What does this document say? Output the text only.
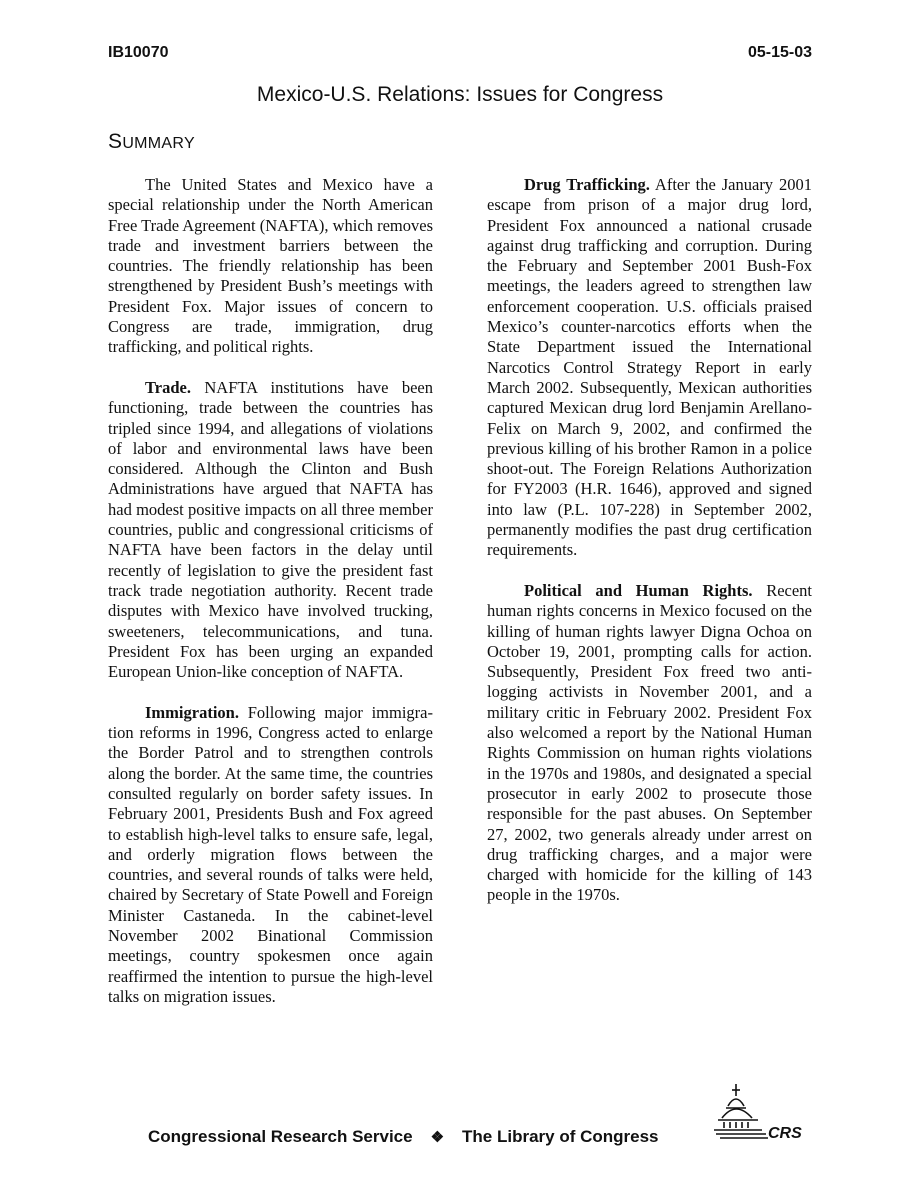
IB10070	05-15-03
Mexico-U.S. Relations: Issues for Congress
SUMMARY

The United States and Mexico have a special relationship under the North American Free Trade Agreement (NAFTA), which removes trade and investment barriers between the countries. The friendly relationship has been strengthened by President Bush’s meetings with President Fox. Major issues of concern to Congress are trade, immigration, drug trafficking, and political rights.

Trade. NAFTA institutions have been functioning, trade between the countries has tripled since 1994, and allegations of violations of labor and environmental laws have been considered. Although the Clinton and Bush Administrations have argued that NAFTA has had modest positive impacts on all three member countries, public and congressional criticisms of NAFTA have been factors in the delay until recently of legislation to give the president fast track trade negotiation authority. Recent trade disputes with Mexico have involved trucking, sweeteners, telecommunications, and tuna. President Fox has been urging an expanded European Union-like conception of NAFTA.

Immigration. Following major immigration reforms in 1996, Congress acted to enlarge the Border Patrol and to strengthen controls along the border. At the same time, the countries consulted regularly on border safety issues. In February 2001, Presidents Bush and Fox agreed to establish high-level talks to ensure safe, legal, and orderly migration flows between the countries, and several rounds of talks were held, chaired by Secretary of State Powell and Foreign Minister Castaneda. In the cabinet-level November 2002 Binational Commission meetings, country spokesmen once again reaffirmed the intention to pursue the high-level talks on migration issues.

Drug Trafficking. After the January 2001 escape from prison of a major drug lord, President Fox announced a national crusade against drug trafficking and corruption. During the February and September 2001 Bush-Fox meetings, the leaders agreed to strengthen law enforcement cooperation. U.S. officials praised Mexico’s counter-narcotics efforts when the State Department issued the International Narcotics Control Strategy Report in early March 2002. Subsequently, Mexican authorities captured Mexican drug lord Benjamin Arellano-Felix on March 9, 2002, and confirmed the previous killing of his brother Ramon in a police shoot-out. The Foreign Relations Authorization for FY2003 (H.R. 1646), approved and signed into law (P.L. 107-228) in September 2002, permanently modifies the past drug certification requirements.

Political and Human Rights. Recent human rights concerns in Mexico focused on the killing of human rights lawyer Digna Ochoa on October 19, 2001, prompting calls for action. Subsequently, President Fox freed two anti-logging activists in November 2001, and a military critic in February 2002. President Fox also welcomed a report by the National Human Rights Commission on human rights violations in the 1970s and 1980s, and designated a special prosecutor in early 2002 to prosecute those responsible for the past abuses. On September 27, 2002, two generals already under arrest on drug trafficking charges, and a major were charged with homicide for the killing of 143 people in the 1970s.

Congressional Research Service ❖ The Library of Congress	CRS
